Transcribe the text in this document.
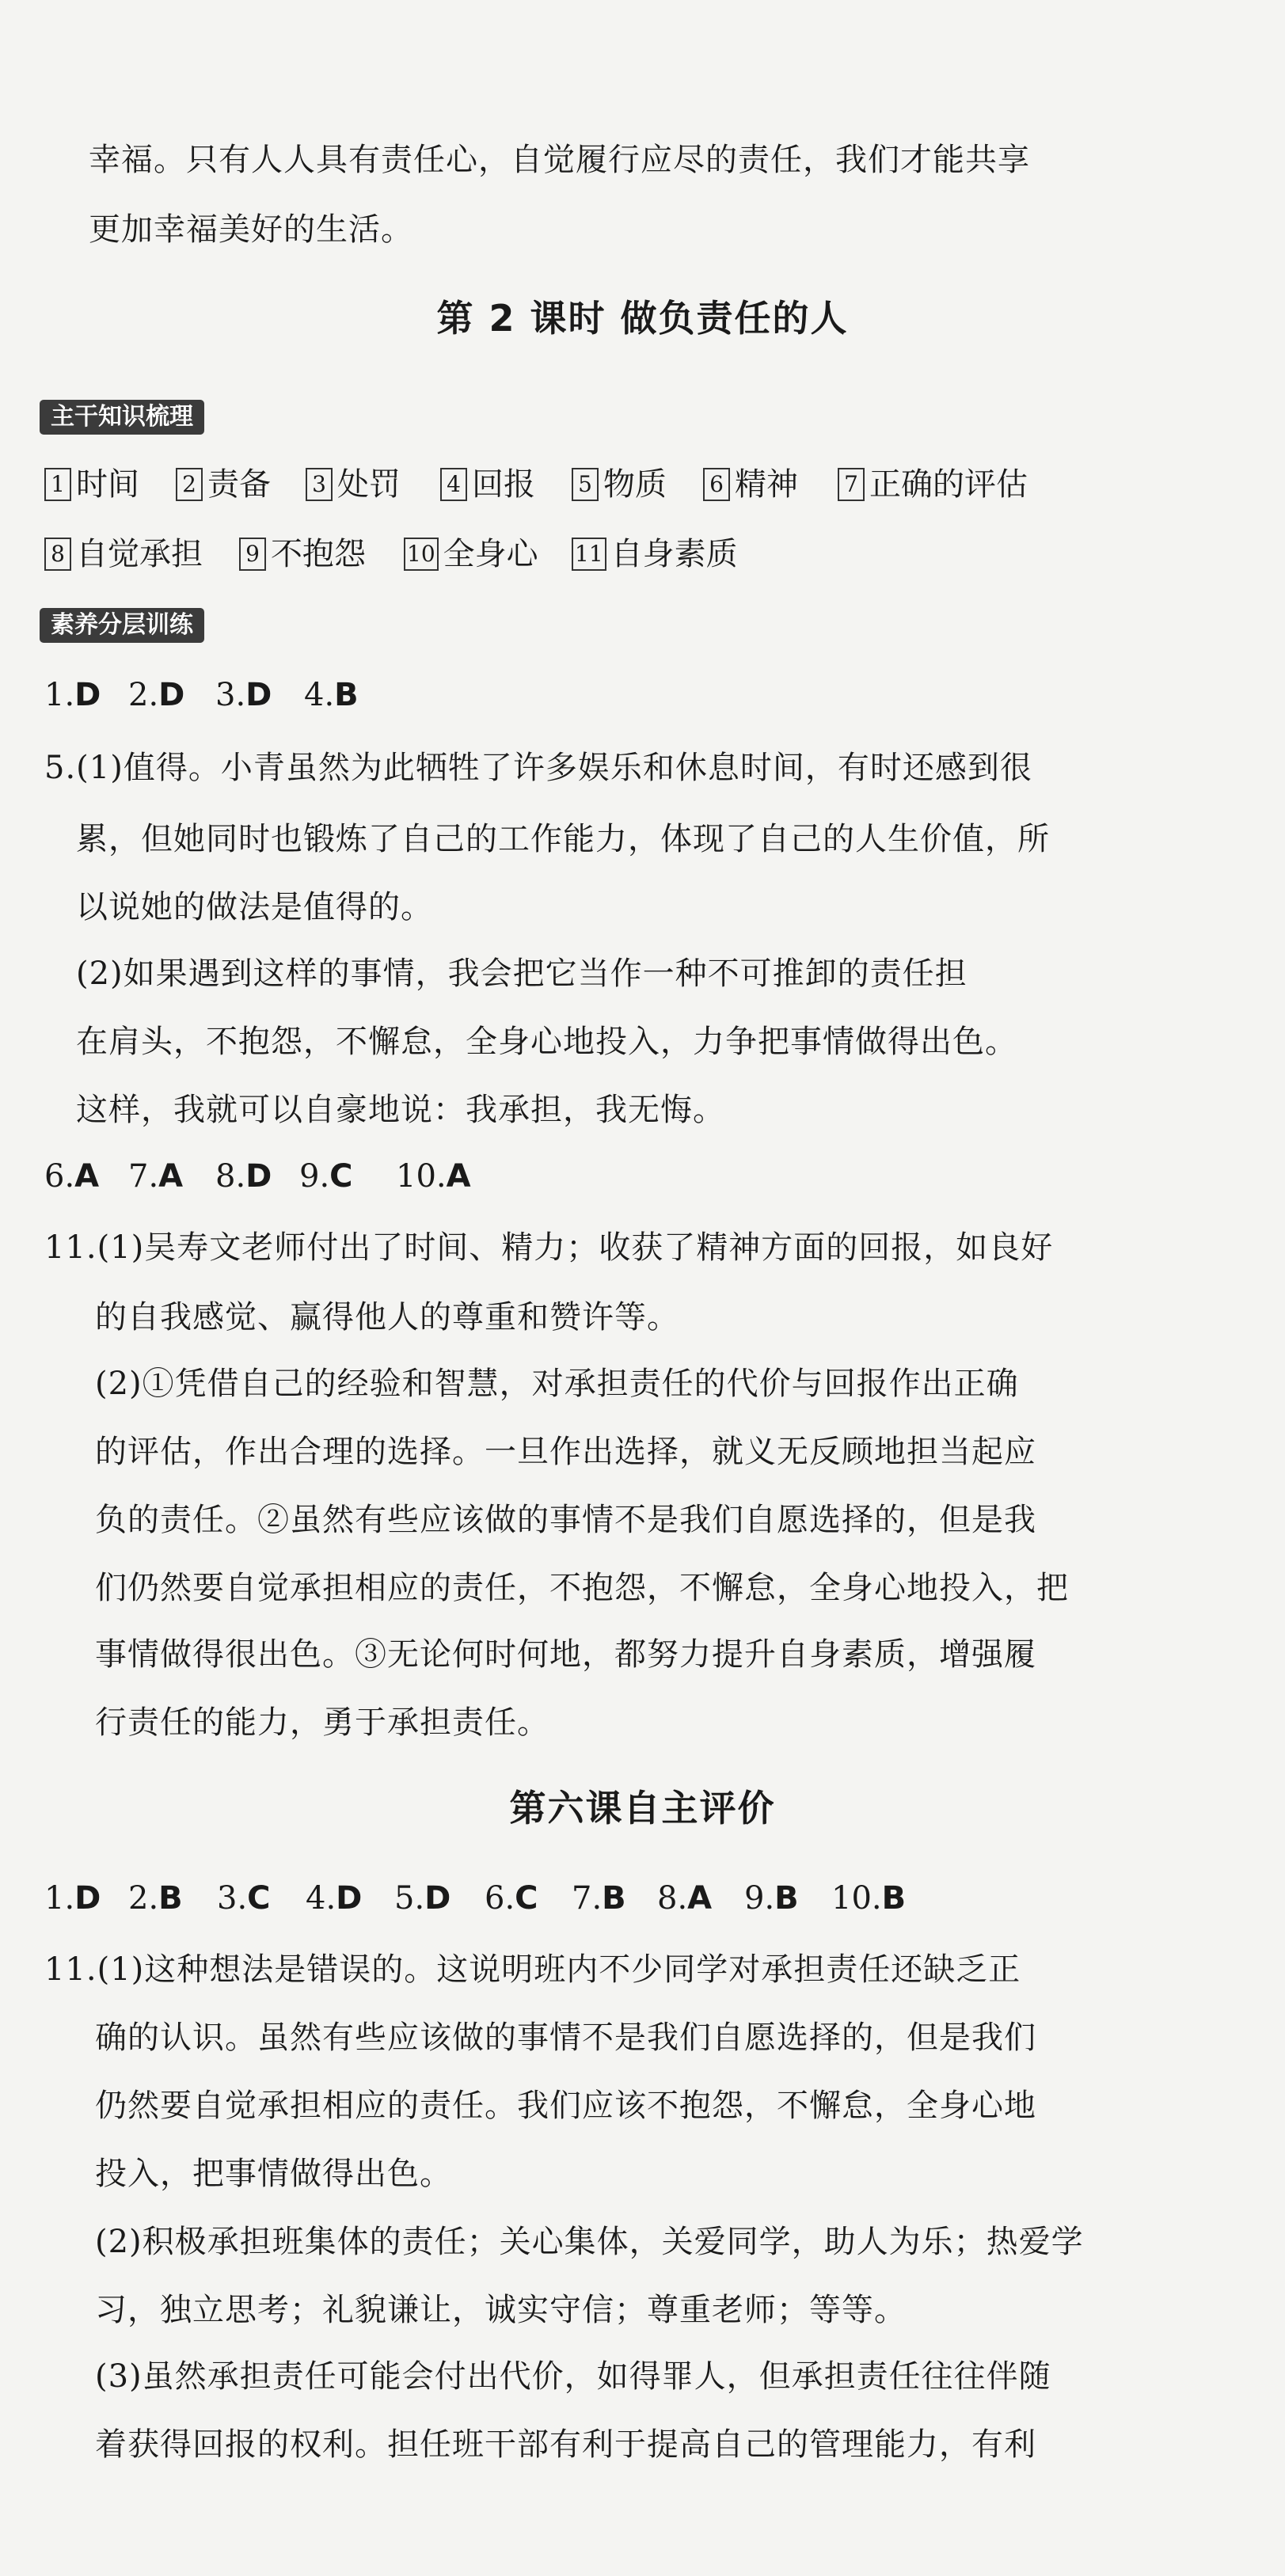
幸福。只有人人具有责任心，自觉履行应尽的责任，我们才能共享
更加幸福美好的生活。
第 2 课时 做负责任的人
主干知识梳理
1 时间 2 责备 3 处罚 4 回报 5 物质 6 精神 7 正确的评估
8 自觉承担 9 不抱怨 10 全身心 11 自身素质
素养分层训练
1.D 2.D 3.D 4.B
5.(1)值得。小青虽然为此牺牲了许多娱乐和休息时间，有时还感到很
累，但她同时也锻炼了自己的工作能力，体现了自己的人生价值，所
以说她的做法是值得的。
(2)如果遇到这样的事情，我会把它当作一种不可推卸的责任担
在肩头，不抱怨，不懈怠，全身心地投入，力争把事情做得出色。
这样，我就可以自豪地说：我承担，我无悔。
6.A 7.A 8.D 9.C 10.A
11.(1)吴寿文老师付出了时间、精力；收获了精神方面的回报，如良好
的自我感觉、赢得他人的尊重和赞许等。
(2)①凭借自己的经验和智慧，对承担责任的代价与回报作出正确
的评估，作出合理的选择。一旦作出选择，就义无反顾地担当起应
负的责任。②虽然有些应该做的事情不是我们自愿选择的，但是我
们仍然要自觉承担相应的责任，不抱怨，不懈怠，全身心地投入，把
事情做得很出色。③无论何时何地，都努力提升自身素质，增强履
行责任的能力，勇于承担责任。
第六课自主评价
1.D 2.B 3.C 4.D 5.D 6.C 7.B 8.A 9.B 10.B
11.(1)这种想法是错误的。这说明班内不少同学对承担责任还缺乏正
确的认识。虽然有些应该做的事情不是我们自愿选择的，但是我们
仍然要自觉承担相应的责任。我们应该不抱怨，不懈怠，全身心地
投入，把事情做得出色。
(2)积极承担班集体的责任；关心集体，关爱同学，助人为乐；热爱学
习，独立思考；礼貌谦让，诚实守信；尊重老师；等等。
(3)虽然承担责任可能会付出代价，如得罪人，但承担责任往往伴随
着获得回报的权利。担任班干部有利于提高自己的管理能力，有利
